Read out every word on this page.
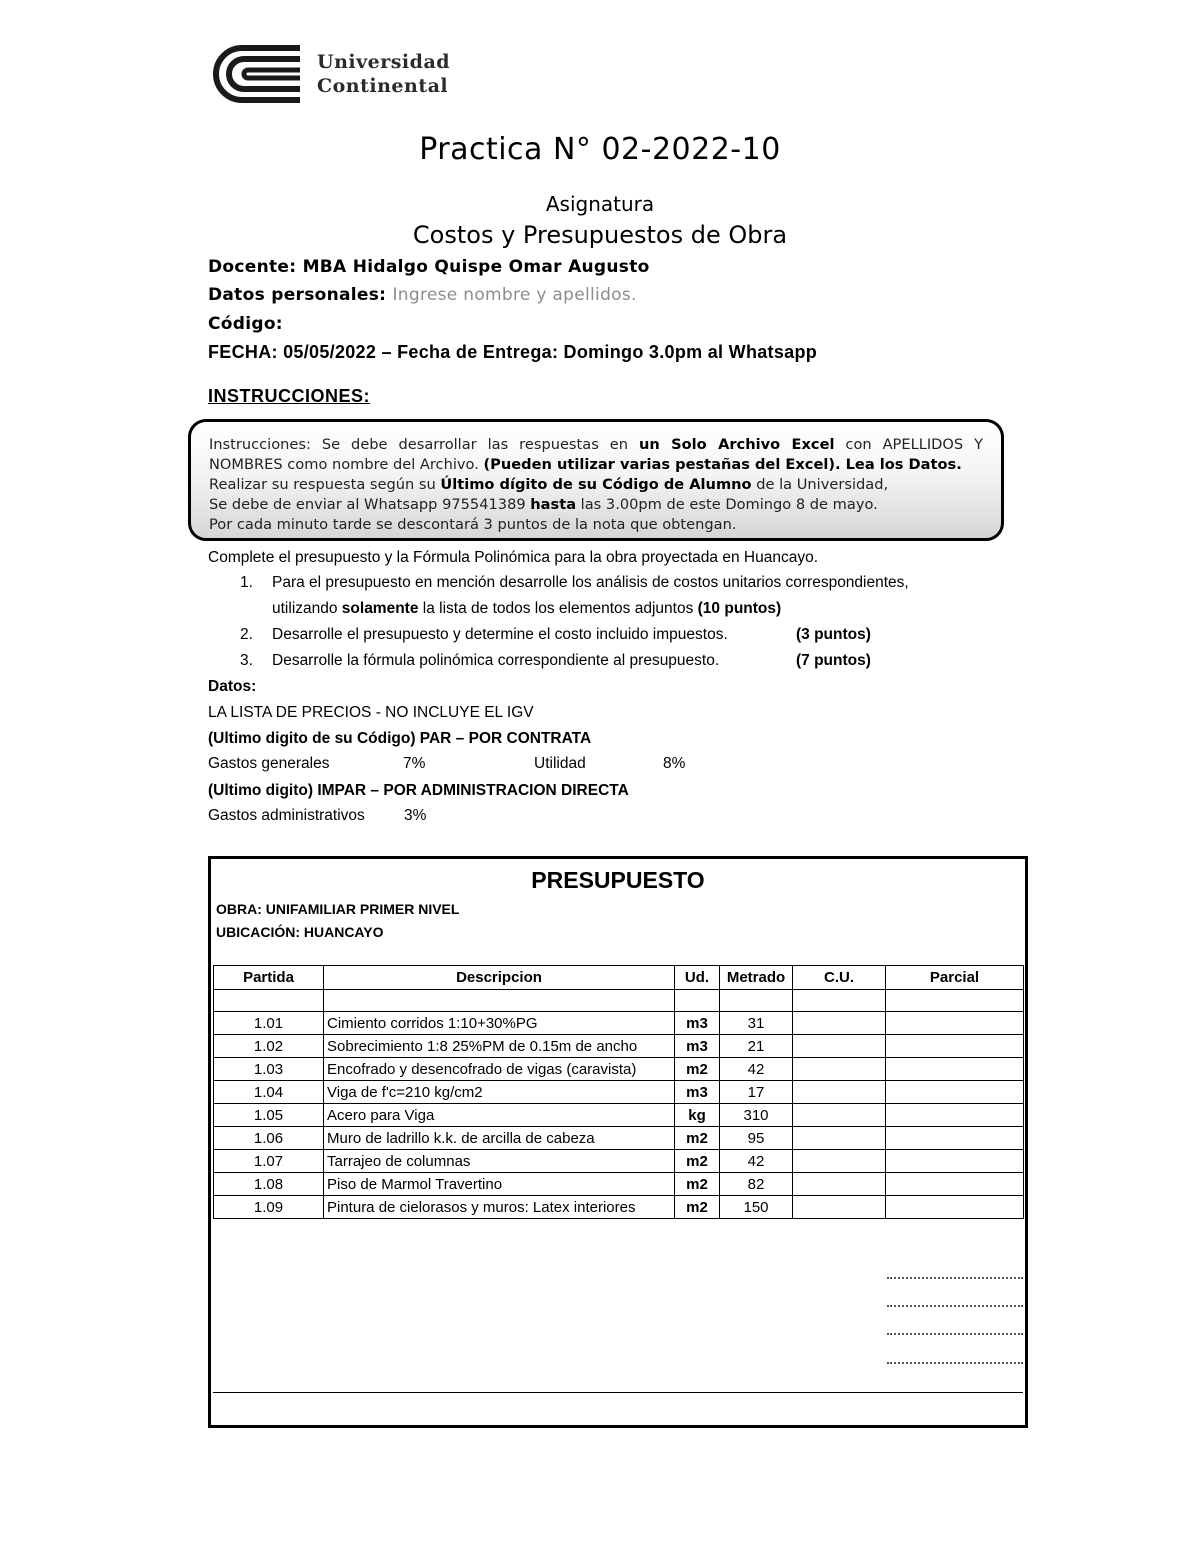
Universidad
Continental
Practica N° 02-2022-10
Asignatura
Costos y Presupuestos de Obra
Docente: MBA Hidalgo Quispe Omar Augusto
Datos personales: Ingrese nombre y apellidos.
Código:
FECHA: 05/05/2022 – Fecha de Entrega: Domingo 3.0pm al Whatsapp
INSTRUCCIONES:
Instrucciones: Se debe desarrollar las respuestas en un Solo Archivo Excel con APELLIDOS Y
NOMBRES como nombre del Archivo. (Pueden utilizar varias pestañas del Excel). Lea los Datos.
Realizar su respuesta según su Último dígito de su Código de Alumno de la Universidad,
Se debe de enviar al Whatsapp 975541389 hasta las 3.00pm de este Domingo 8 de mayo.
Por cada minuto tarde se descontará 3 puntos de la nota que obtengan.
Complete el presupuesto y la Fórmula Polinómica para la obra proyectada en Huancayo.
1. Para el presupuesto en mención desarrolle los análisis de costos unitarios correspondientes,
utilizando solamente la lista de todos los elementos adjuntos (10 puntos)
2. Desarrolle el presupuesto y determine el costo incluido impuestos.	(3 puntos)
3. Desarrolle la fórmula polinómica correspondiente al presupuesto.	(7 puntos)
Datos:
LA LISTA DE PRECIOS - NO INCLUYE EL IGV
(Ultimo digito de su Código) PAR – POR CONTRATA
Gastos generales	7%	Utilidad	8%
(Ultimo digito) IMPAR – POR ADMINISTRACION DIRECTA
Gastos administrativos	3%
PRESUPUESTO
OBRA: UNIFAMILIAR PRIMER NIVEL
UBICACIÓN: HUANCAYO
Partida	Descripcion	Ud.	Metrado	C.U.	Parcial

1.01	Cimiento corridos 1:10+30%PG	m3	31		
1.02	Sobrecimiento 1:8 25%PM de 0.15m de ancho	m3	21		
1.03	Encofrado y desencofrado de vigas (caravista)	m2	42		
1.04	Viga de f'c=210 kg/cm2	m3	17		
1.05	Acero para Viga	kg	310		
1.06	Muro de ladrillo k.k. de arcilla de cabeza	m2	95		
1.07	Tarrajeo de columnas	m2	42		
1.08	Piso de Marmol Travertino	m2	82		
1.09	Pintura de cielorasos y muros: Latex interiores	m2	150		
